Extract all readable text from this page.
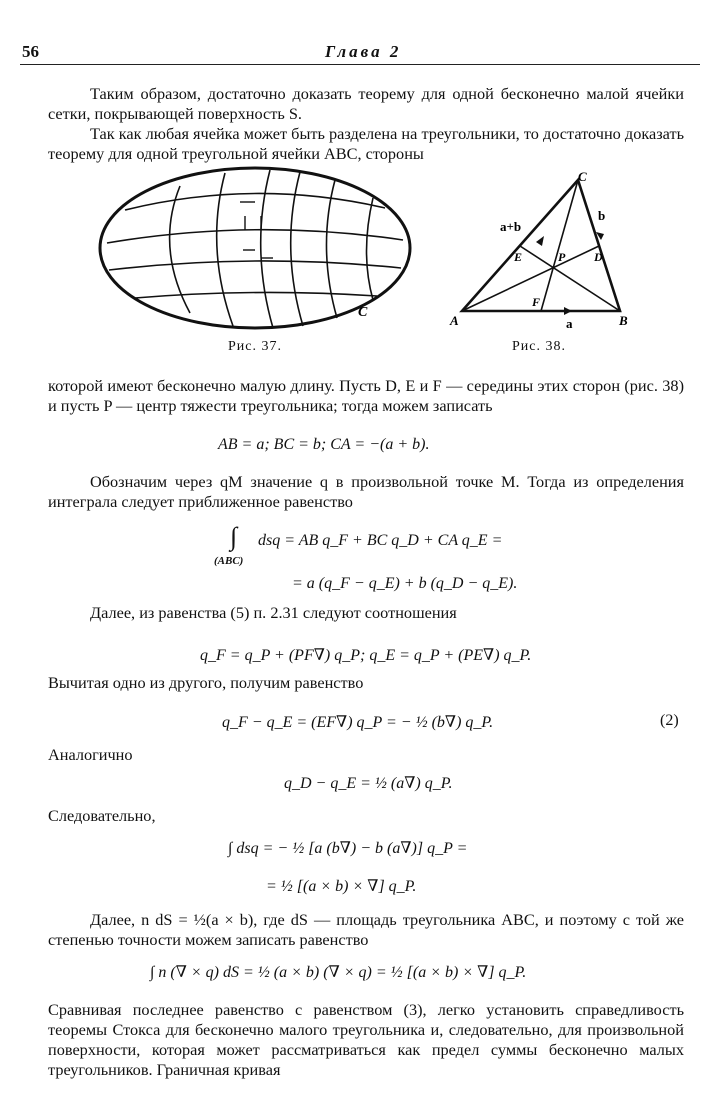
56	Глава 2
Таким образом, достаточно доказать теорему для одной бесконечно малой ячейки сетки, покрывающей поверхность S.
Так как любая ячейка может быть разделена на треугольники, то достаточно доказать теорему для одной треугольной ячейки ABC, стороны
C
Рис. 37.
A	B
C
D
E
F
P
a
b
a+b
Рис. 38.
которой имеют бесконечно малую длину. Пусть D, E и F — середины этих сторон (рис. 38) и пусть P — центр тяжести треугольника; тогда можем записать
AB = a; BC = b; CA = −(a + b).
Обозначим через qM значение q в произвольной точке M. Тогда из определения интеграла следует приближенное равенство
∫
(ABC)
dsq = AB q_F + BC q_D + CA q_E =
= a (q_F − q_E) + b (q_D − q_E).
Далее, из равенства (5) п. 2.31 следуют соотношения
q_F = q_P + (PF∇) q_P; q_E = q_P + (PE∇) q_P.
Вычитая одно из другого, получим равенство
q_F − q_E = (EF∇) q_P = − ½ (b∇) q_P.	(2)
Аналогично
q_D − q_E = ½ (a∇) q_P.
Следовательно,
∫ dsq = − ½ [a (b∇) − b (a∇)] q_P =
= ½ [(a × b) × ∇] q_P.
Далее, n dS = ½(a × b), где dS — площадь треугольника ABC, и поэтому с той же степенью точности можем записать равенство
∫ n (∇ × q) dS = ½ (a × b) (∇ × q) = ½ [(a × b) × ∇] q_P.
Сравнивая последнее равенство с равенством (3), легко установить справедливость теоремы Стокса для бесконечно малого треугольника и, следовательно, для произвольной поверхности, которая может рассматриваться как предел суммы бесконечно малых треугольников. Граничная кривая
